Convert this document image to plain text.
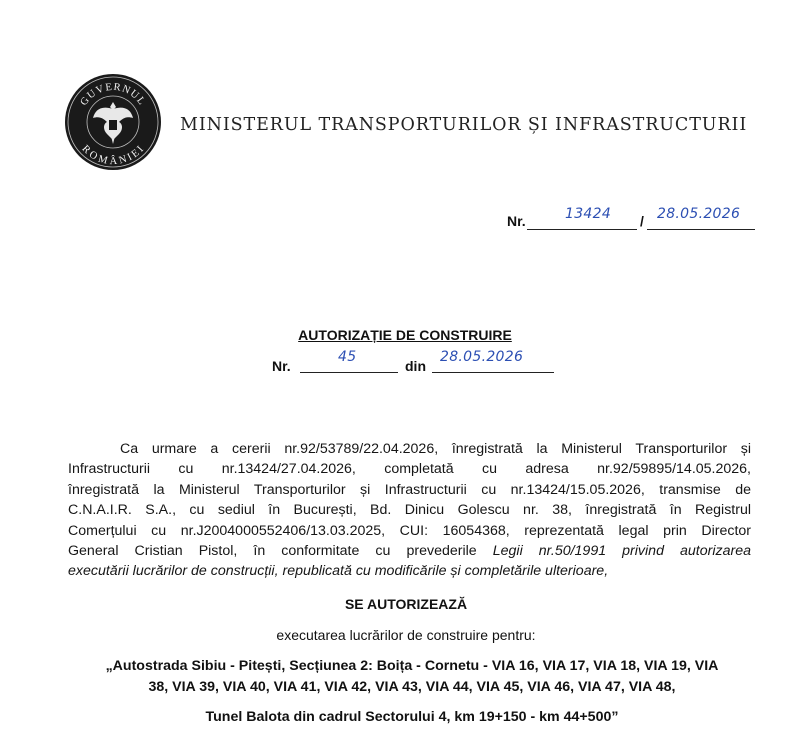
GUVERNUL
ROMÂNIEI
MINISTERUL TRANSPORTURILOR ȘI INFRASTRUCTURII
Nr.	13424 / 28.05.2026
AUTORIZAȚIE DE CONSTRUIRE
Nr.
45
din
28.05.2026
Ca urmare a cererii nr.92/53789/22.04.2026, înregistrată la Ministerul Transporturilor și
Infrastructurii cu nr.13424/27.04.2026, completată cu adresa nr.92/59895/14.05.2026,
înregistrată la Ministerul Transporturilor și Infrastructurii cu nr.13424/15.05.2026, transmise de
C.N.A.I.R. S.A., cu sediul în București, Bd. Dinicu Golescu nr. 38, înregistrată în Registrul
Comerțului cu nr.J2004000552406/13.03.2025, CUI: 16054368, reprezentată legal prin Director
General Cristian Pistol, în conformitate cu prevederile Legii nr.50/1991 privind autorizarea
executării lucrărilor de construcții, republicată cu modificările și completările ulterioare,
SE AUTORIZEAZĂ
executarea lucrărilor de construire pentru:
„Autostrada Sibiu - Pitești, Secțiunea 2: Boița - Cornetu - VIA 16, VIA 17, VIA 18, VIA 19, VIA
38, VIA 39, VIA 40, VIA 41, VIA 42, VIA 43, VIA 44, VIA 45, VIA 46, VIA 47, VIA 48,
Tunel Balota din cadrul Sectorului 4, km 19+150 - km 44+500”
